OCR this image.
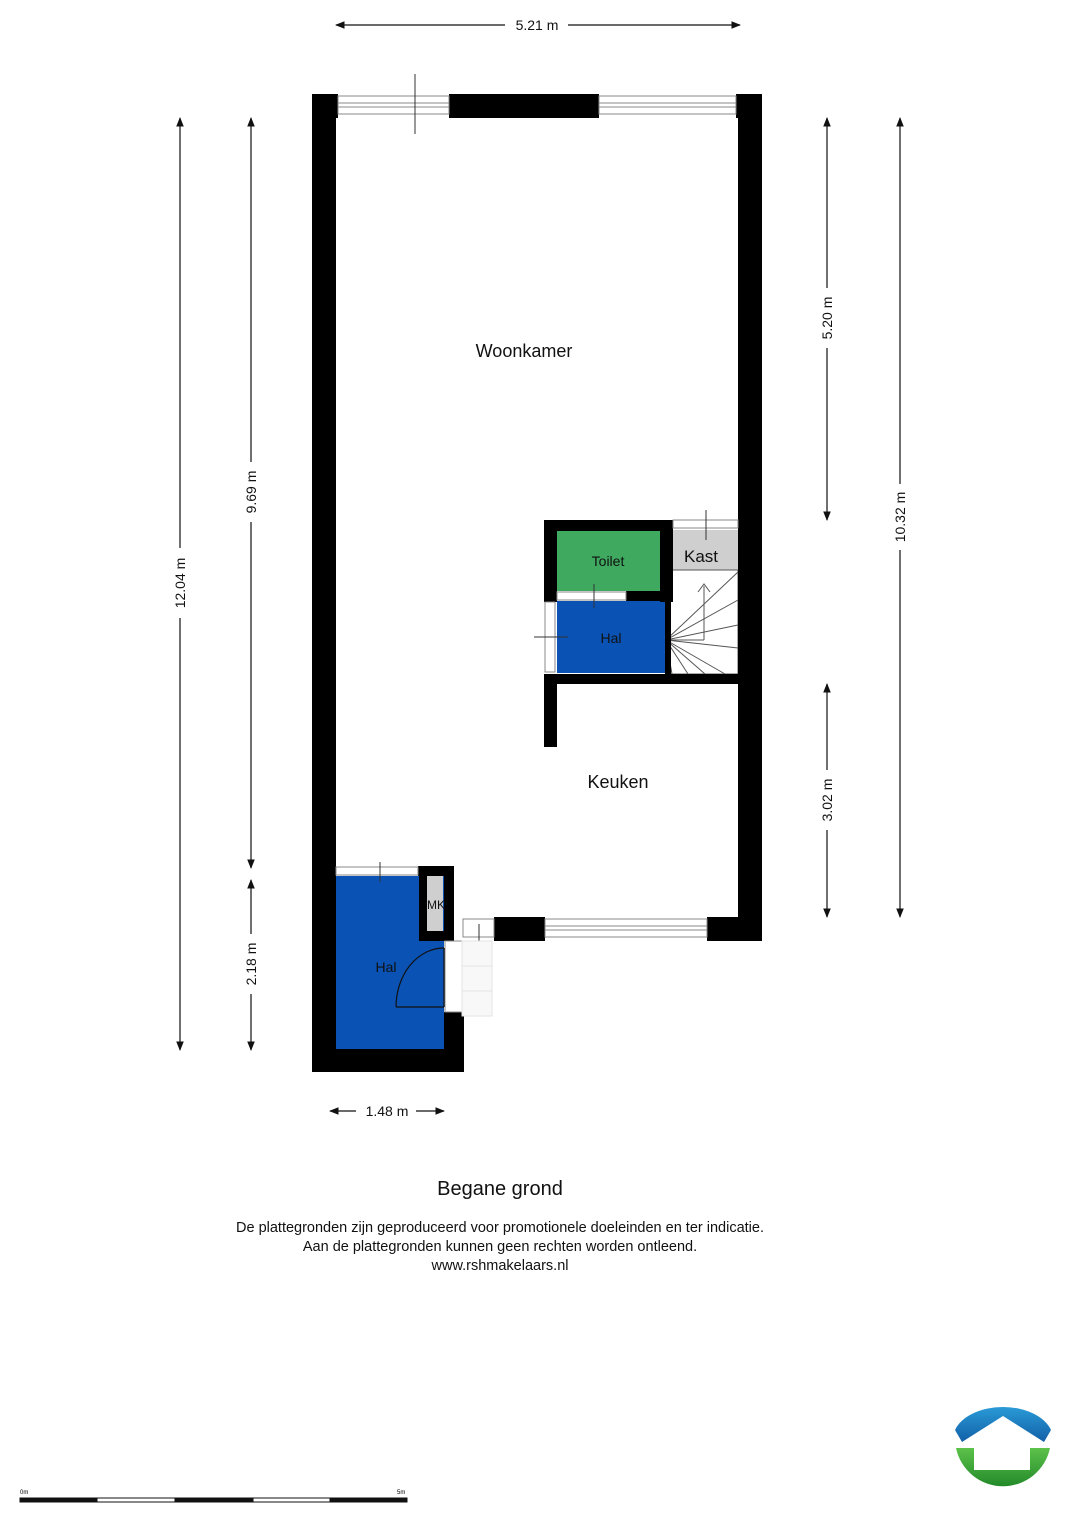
Woonkamer
Keuken
Toilet	Kast
Hal
Hal
MK
5.21 m
1.48 m
12.04 m
9.69 m
2.18 m
5.20 m
3.02 m
10.32 m
0m	5m
Begane grond
De plattegronden zijn geproduceerd voor promotionele doeleinden en ter indicatie.
Aan de plattegronden kunnen geen rechten worden ontleend.
www.rshmakelaars.nl
